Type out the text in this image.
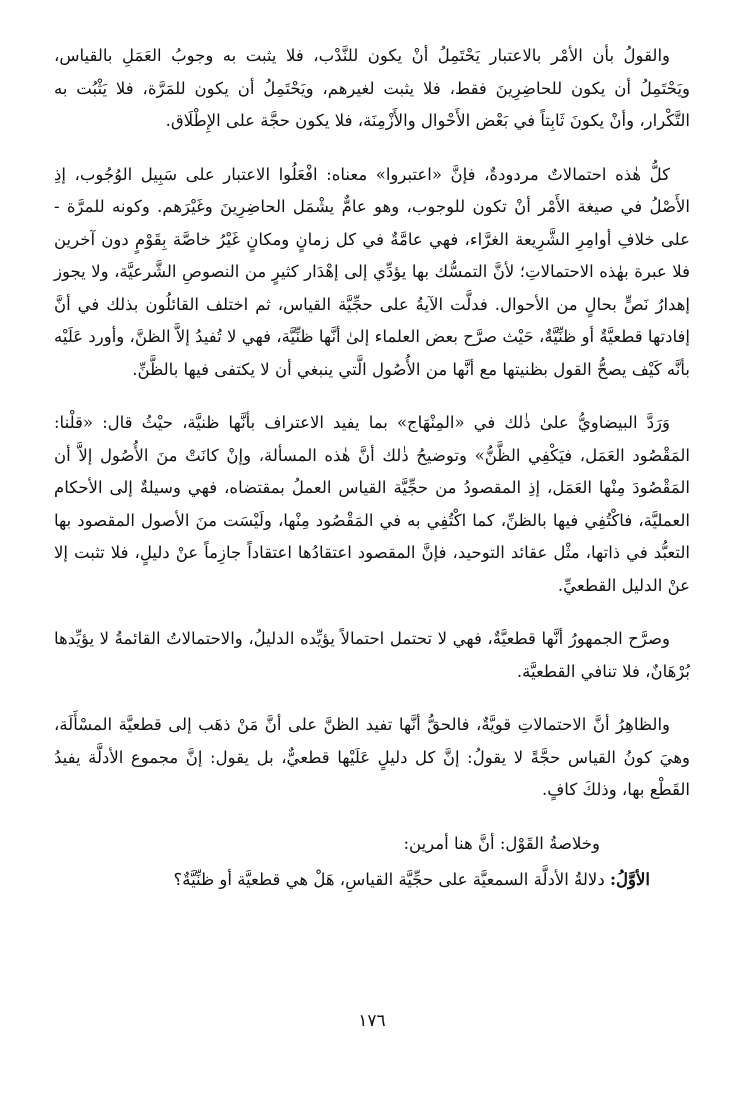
والقولُ بأن الأمْر بالاعتبار يَحْتَمِلُ أنْ يكون للنَّدْب، فلا يثبت به وجوبُ العَمَلِ بالقياس، ويَحْتَمِلُ أن يكون للحاضِرِينَ فقط، فلا يثبت لغيرهم، ويَحْتَمِلُ أن يكون للمَرَّة، فلا يَثْبُت به التَّكْرار، وأنْ يكونَ ثَابِتاً في بَعْض الأَحْوال والأَزْمِنَة، فلا يكون حجَّة على الإِطْلَاق.

كلُّ هٰذه احتمالاتٌ مردودةٌ، فإنَّ «اعتبروا» معناه: افْعَلُوا الاعتبار على سَبِيل الوُجُوب، إذِ الأَصْلُ في صيغة الأَمْر أنْ تكون للوجوب، وهو عامٌّ يشْمَل الحاضِرِينَ وغَيْرَهم. وكونه للمرَّة - على خلافِ أوامِرِ الشَّرِيعة الغرَّاء، فهي عامَّةٌ في كل زمانٍ ومكانٍ غَيْرُ خاصَّة بِقَوْمٍ دون آخرين فلا عبرة بهٰذه الاحتمالاتِ؛ لأنَّ التمسُّك بها يؤدِّي إلى إهْدَار كثيرٍ من النصوصِ الشَّرعيَّة، ولا يجوز إهدارُ نَصٍّ بحالٍ من الأحوال. فدلَّت الآيةُ على حجِّيَّة القياس، ثم اختلف القائلُون بذلك في أنَّ إفادتها قطعيَّةٌ أو ظنِّيَّةٌ، حَيْث صرَّح بعض العلماء إلىٰ أنَّها ظنِّيَّة، فهي لا تُفيدُ إلاَّ الظنَّ، وأورد عَلَيْه بأنَّه كَيْف يصحُّ القول بظنيتها مع أنَّها من الأُصُول الَّتي ينبغي أن لا يكتفى فيها بالظَّنِّ.

وَرَدَّ البيضاويُّ علىٰ ذٰلك في «المِنْهَاج» بما يفيد الاعتراف بأنَّها ظنيَّة، حيْثُ قال: «قلْنا: المَقْصُود العَمَل، فيَكْفِي الظَّنُّ» وتوضيحُ ذٰلك أنَّ هٰذه المسألة، وإنْ كانَتْ منَ الأُصُول إلاَّ أن المَقْصُودَ مِنْها العَمَل، إذِ المقصودُ من حجِّيَّة القياس العملُ بمقتضاه، فهي وسيلةٌ إلى الأحكام العمليَّة، فاكْتُفِي فيها بالظنِّ، كما اكْتُفِي به في المَقْصُود مِنْها، ولَيْسَت منَ الأصول المقصود بها التعبُّد في ذاتها، مثْل عقائد التوحيد، فإنَّ المقصود اعتقادُها اعتقاداً جازِماً عنْ دليلٍ، فلا تثبت إلا عنْ الدليل القطعيِّ.

وصرَّح الجمهورُ أنَّها قطعيَّةٌ، فهي لا تحتمل احتمالاً يؤيِّده الدليلُ، والاحتمالاتُ القائمةُ لا يؤيِّدها بُرْهَانٌ، فلا تنافي القطعيَّة.

والظاهِرُ أنَّ الاحتمالاتِ قويَّةٌ، فالحقُّ أنَّها تفيد الظنَّ على أنَّ مَنْ ذهَب إلى قطعيَّة المسْأَلَة، وهيَ كونُ القياس حجَّةً لا يقولُ: إنَّ كل دليلٍ عَلَيْها قطعيٌّ، بل يقول: إنَّ مجموع الأدلَّة يفيدُ القَطْع بها، وذلكَ كافٍ.

وخلاصةُ القَوْل: أنَّ هنا أمرين:

الأوَّلُ: دلالةُ الأدلَّة السمعيَّة على حجِّيَّة القياسِ، هَلْ هي قطعيَّة أو ظنِّيَّةٌ؟

١٧٦
